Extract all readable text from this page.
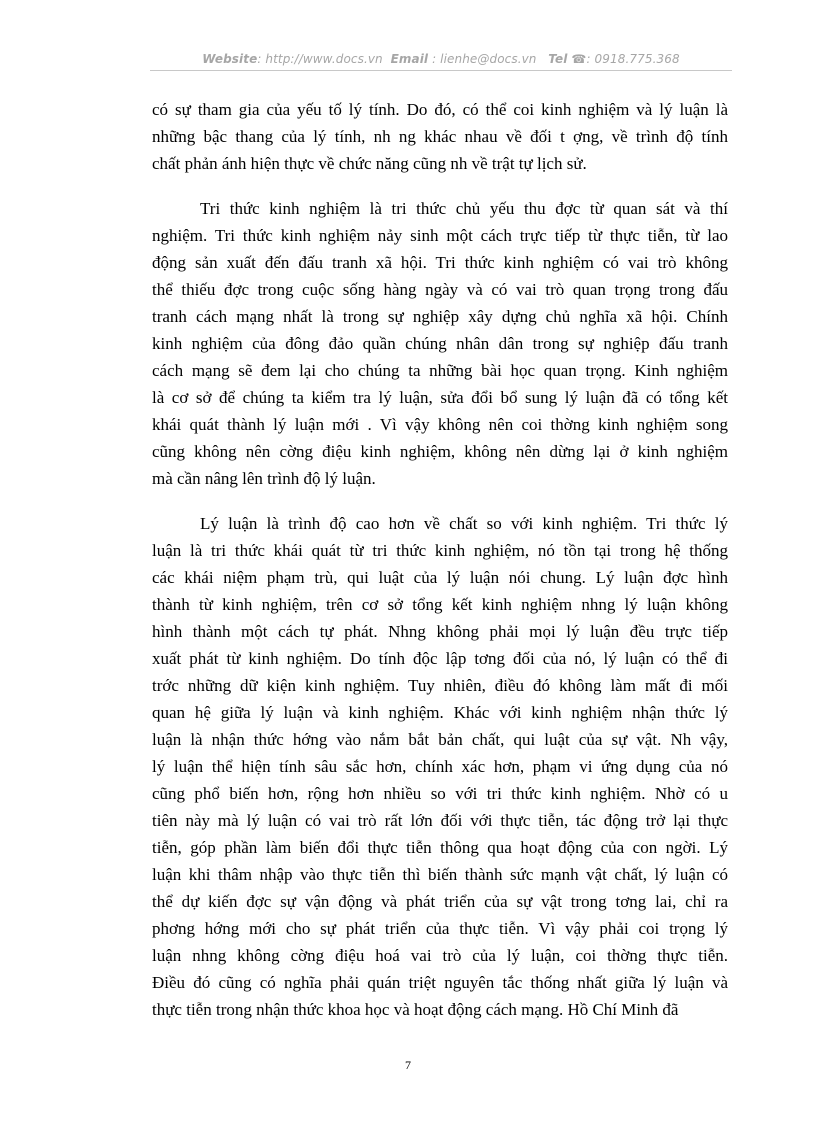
Website: http://www.docs.vn Email : lienhe@docs.vn Tel ☎: 0918.775.368
có sự tham gia của yếu tố lý tính. Do đó, có thể coi kinh nghiệm và lý luận là
những bậc thang của lý tính, nh ng khác nhau về đối t ợng, về trình độ tính
chất phản ánh hiện thực về chức năng cũng nh về trật tự lịch sử.
Tri thức kinh nghiệm là tri thức chủ yếu thu đợc từ quan sát và thí
nghiệm. Tri thức kinh nghiệm nảy sinh một cách trực tiếp từ thực tiễn, từ lao
động sản xuất đến đấu tranh xã hội. Tri thức kinh nghiệm có vai trò không
thể thiếu đợc trong cuộc sống hàng ngày và có vai trò quan trọng trong đấu
tranh cách mạng nhất là trong sự nghiệp xây dựng chủ nghĩa xã hội. Chính
kinh nghiệm của đông đảo quần chúng nhân dân trong sự nghiệp đấu tranh
cách mạng sẽ đem lại cho chúng ta những bài học quan trọng. Kinh nghiệm
là cơ sở để chúng ta kiểm tra lý luận, sửa đổi bổ sung lý luận đã có tổng kết
khái quát thành lý luận mới . Vì vậy không nên coi thờng kinh nghiệm song
cũng không nên cờng điệu kinh nghiệm, không nên dừng lại ở kinh nghiệm
mà cần nâng lên trình độ lý luận.
Lý luận là trình độ cao hơn về chất so với kinh nghiệm. Tri thức lý
luận là tri thức khái quát từ tri thức kinh nghiệm, nó tồn tại trong hệ thống
các khái niệm phạm trù, qui luật của lý luận nói chung. Lý luận đợc hình
thành từ kinh nghiệm, trên cơ sở tổng kết kinh nghiệm nhng lý luận không
hình thành một cách tự phát. Nhng không phải mọi lý luận đều trực tiếp
xuất phát từ kinh nghiệm. Do tính độc lập tơng đối của nó, lý luận có thể đi
trớc những dữ kiện kinh nghiệm. Tuy nhiên, điều đó không làm mất đi mối
quan hệ giữa lý luận và kinh nghiệm. Khác với kinh nghiệm nhận thức lý
luận là nhận thức hớng vào nắm bắt bản chất, qui luật của sự vật. Nh vậy,
lý luận thể hiện tính sâu sắc hơn, chính xác hơn, phạm vi ứng dụng của nó
cũng phổ biến hơn, rộng hơn nhiều so với tri thức kinh nghiệm. Nhờ có u
tiên này mà lý luận có vai trò rất lớn đối với thực tiễn, tác động trở lại thực
tiễn, góp phần làm biến đổi thực tiễn thông qua hoạt động của con ngời. Lý
luận khi thâm nhập vào thực tiễn thì biến thành sức mạnh vật chất, lý luận có
thể dự kiến đợc sự vận động và phát triển của sự vật trong tơng lai, chỉ ra
phơng hớng mới cho sự phát triển của thực tiễn. Vì vậy phải coi trọng lý
luận nhng không cờng điệu hoá vai trò của lý luận, coi thờng thực tiễn.
Điều đó cũng có nghĩa phải quán triệt nguyên tắc thống nhất giữa lý luận và
thực tiễn trong nhận thức khoa học và hoạt động cách mạng. Hồ Chí Minh đã
7
